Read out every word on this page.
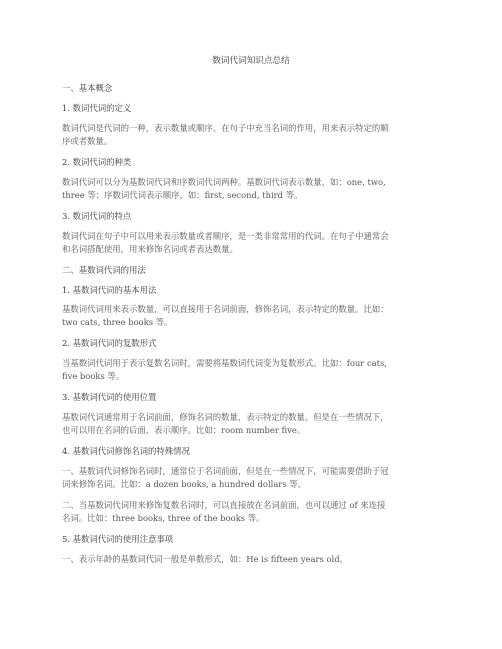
数词代词知识点总结
一、基本概念
1. 数词代词的定义
数词代词是代词的一种，表示数量或顺序。在句子中充当名词的作用，用来表示特定的顺
序或者数量。
2. 数词代词的种类
数词代词可以分为基数词代词和序数词代词两种。基数词代词表示数量，如：one, two,
three 等；序数词代词表示顺序，如：first, second, third 等。
3. 数词代词的特点
数词代词在句子中可以用来表示数量或者顺序，是一类非常常用的代词。在句子中通常会
和名词搭配使用，用来修饰名词或者表达数量。
二、基数词代词的用法
1. 基数词代词的基本用法
基数词代词用来表示数量，可以直接用于名词前面，修饰名词，表示特定的数量。比如：
two cats, three books 等。
2. 基数词代词的复数形式
当基数词代词用于表示复数名词时，需要将基数词代词变为复数形式。比如：four cats,
five books 等。
3. 基数词代词的使用位置
基数词代词通常用于名词前面，修饰名词的数量，表示特定的数量。但是在一些情况下，
也可以用在名词的后面，表示顺序。比如：room number five。
4. 基数词代词修饰名词的特殊情况
一、基数词代词修饰名词时，通常位于名词前面，但是在一些情况下，可能需要借助于冠
词来修饰名词。比如：a dozen books, a hundred dollars 等。
二、当基数词代词用来修饰复数名词时，可以直接放在名词前面，也可以通过 of 来连接
名词。比如：three books, three of the books 等。
5. 基数词代词的使用注意事项
一、表示年龄的基数词代词一般是单数形式，如：He is fifteen years old。
